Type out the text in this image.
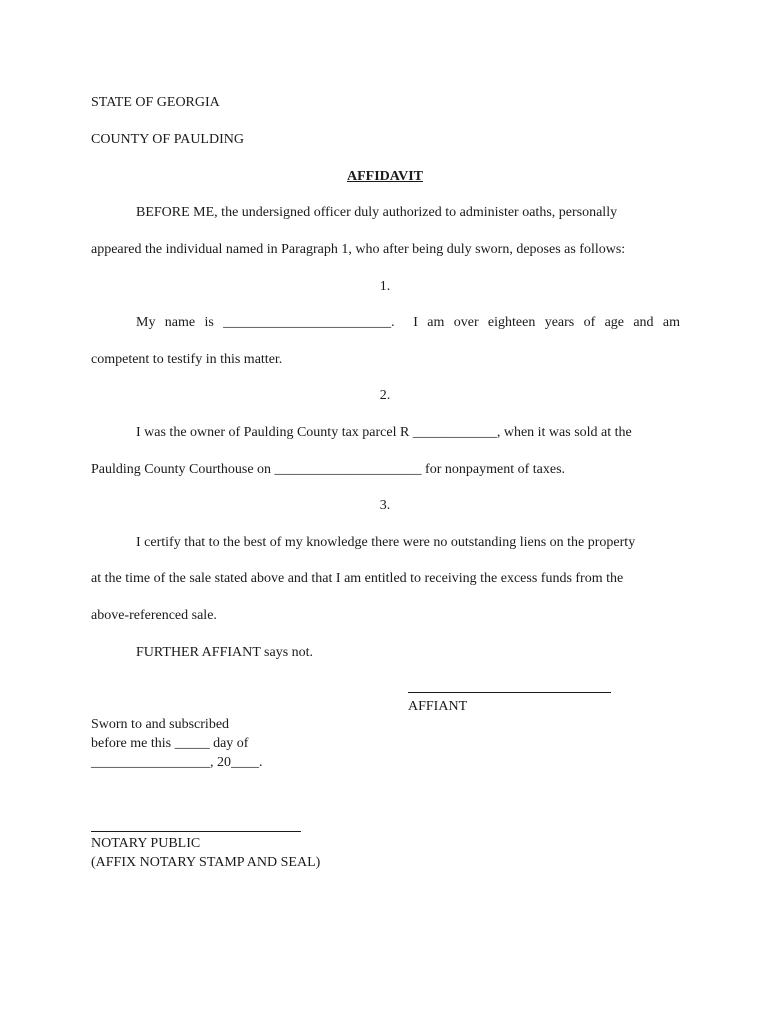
STATE OF GEORGIA
COUNTY OF PAULDING
AFFIDAVIT
BEFORE ME, the undersigned officer duly authorized to administer oaths, personally
appeared the individual named in Paragraph 1, who after being duly sworn, deposes as follows:
1.
My name is ________________________.  I am over eighteen years of age and am
competent to testify in this matter.
2.
I was the owner of Paulding County tax parcel R ____________, when it was sold at the
Paulding County Courthouse on _____________________ for nonpayment of taxes.
3.
I certify that to the best of my knowledge there were no outstanding liens on the property
at the time of the sale stated above and that I am entitled to receiving the excess funds from the
above-referenced sale.
FURTHER AFFIANT says not.
AFFIANT
Sworn to and subscribed
before me this _____ day of
_________________, 20____.
NOTARY PUBLIC
(AFFIX NOTARY STAMP AND SEAL)
